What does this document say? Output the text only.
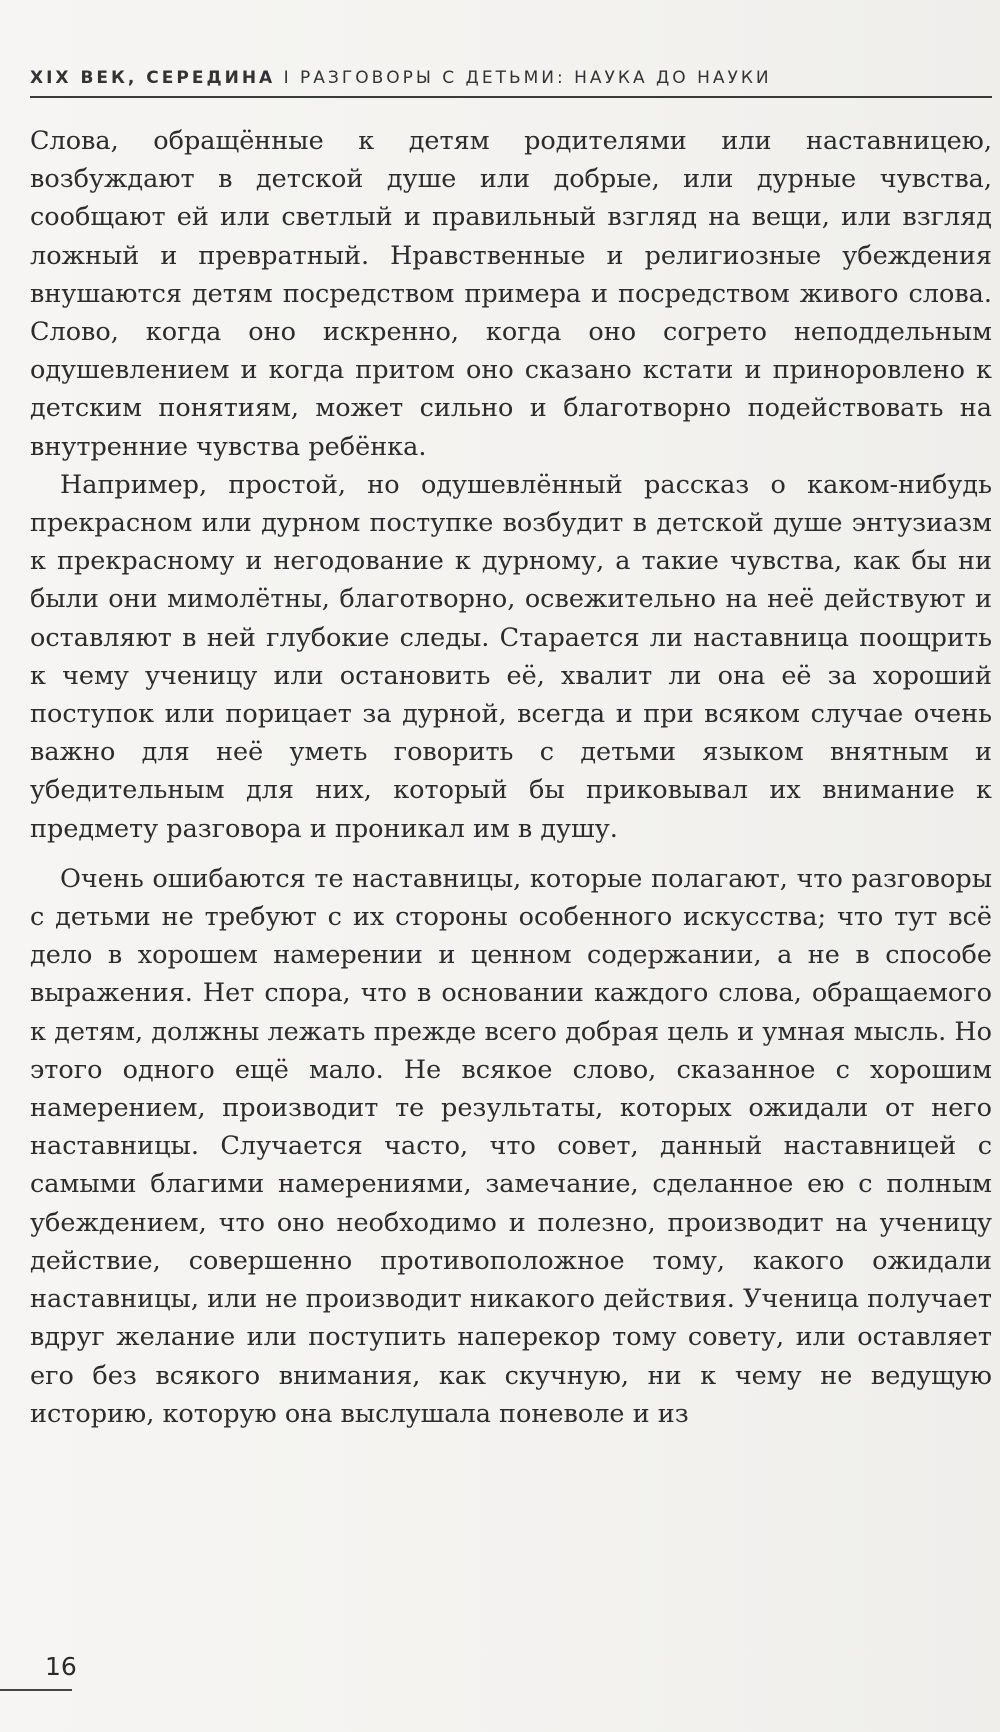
XIX ВЕК, СЕРЕДИНА І РАЗГОВОРЫ С ДЕТЬМИ: НАУКА ДО НАУКИ

Слова, обращённые к детям родителями или наставницею, возбуждают в детской душе или добрые, или дурные чувства, сообщают ей или светлый и правильный взгляд на вещи, или взгляд ложный и превратный. Нравственные и религиозные убеждения внушаются детям посредством примера и посредством живого слова. Слово, когда оно искренно, когда оно согрето неподдельным одушевлением и когда притом оно сказано кстати и приноровлено к детским понятиям, может сильно и благотворно подействовать на внутренние чувства ребёнка.

Например, простой, но одушевлённый рассказ о каком-нибудь прекрасном или дурном поступке возбудит в детской душе энтузиазм к прекрасному и негодование к дурному, а такие чувства, как бы ни были они мимолётны, благотворно, освежительно на неё действуют и оставляют в ней глубокие следы. Старается ли наставница поощрить к чему ученицу или остановить её, хвалит ли она её за хороший поступок или порицает за дурной, всегда и при всяком случае очень важно для неё уметь говорить с детьми языком внятным и убедительным для них, который бы приковывал их внимание к предмету разговора и проникал им в душу.

Очень ошибаются те наставницы, которые полагают, что разговоры с детьми не требуют с их стороны особенного искусства; что тут всё дело в хорошем намерении и ценном содержании, а не в способе выражения. Нет спора, что в основании каждого слова, обращаемого к детям, должны лежать прежде всего добрая цель и умная мысль. Но этого одного ещё мало. Не всякое слово, сказанное с хорошим намерением, производит те результаты, которых ожидали от него наставницы. Случается часто, что совет, данный наставницей с самыми благими намерениями, замечание, сделанное ею с полным убеждением, что оно необходимо и полезно, производит на ученицу действие, совершенно противоположное тому, какого ожидали наставницы, или не производит никакого действия. Ученица получает вдруг желание или поступить наперекор тому совету, или оставляет его без всякого внимания, как скучную, ни к чему не ведущую историю, которую она выслушала поневоле и из

16
